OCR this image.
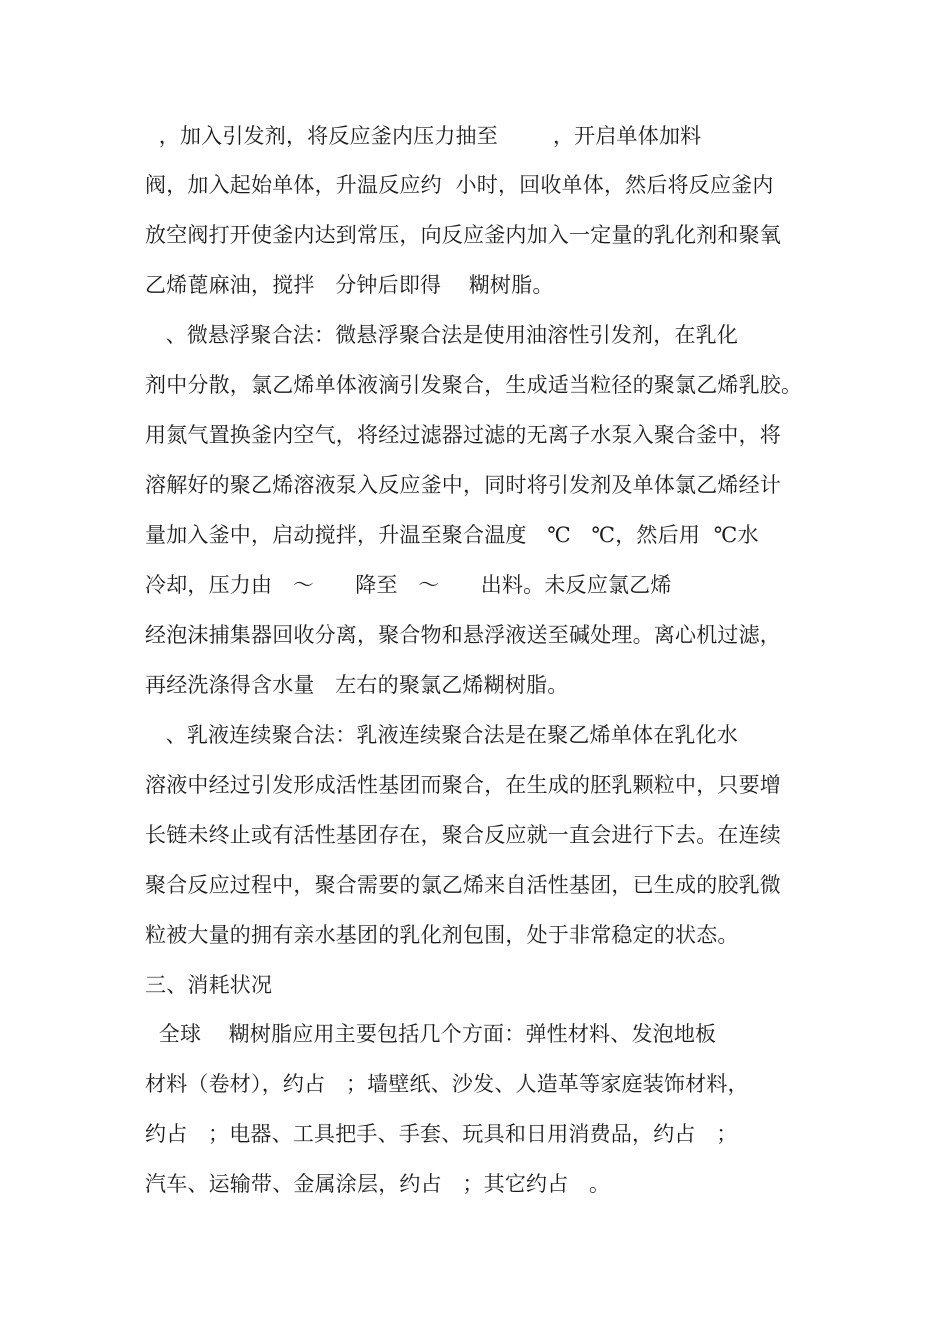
，加入引发剂，将反应釜内压力抽至        ，开启单体加料
阀，加入起始单体，升温反应约  小时，回收单体，然后将反应釜内
放空阀打开使釜内达到常压，向反应釜内加入一定量的乳化剂和聚氧
乙烯蓖麻油，搅拌   分钟后即得    糊树脂。
、微悬浮聚合法：微悬浮聚合法是使用油溶性引发剂，在乳化
剂中分散，氯乙烯单体液滴引发聚合，生成适当粒径的聚氯乙烯乳胶。
用氮气置换釜内空气，将经过滤器过滤的无离子水泵入聚合釜中，将
溶解好的聚乙烯溶液泵入反应釜中，同时将引发剂及单体氯乙烯经计
量加入釜中，启动搅拌，升温至聚合温度   ℃   ℃，然后用  ℃水
冷却，压力由   ～      降至   ～      出料。未反应氯乙烯
经泡沫捕集器回收分离，聚合物和悬浮液送至碱处理。离心机过滤，
再经洗涤得含水量   左右的聚氯乙烯糊树脂。
、乳液连续聚合法：乳液连续聚合法是在聚乙烯单体在乳化水
溶液中经过引发形成活性基团而聚合，在生成的胚乳颗粒中，只要增
长链未终止或有活性基团存在，聚合反应就一直会进行下去。在连续
聚合反应过程中，聚合需要的氯乙烯来自活性基团，已生成的胶乳微
粒被大量的拥有亲水基团的乳化剂包围，处于非常稳定的状态。
三、消耗状况
全球    糊树脂应用主要包括几个方面：弹性材料、发泡地板
材料（卷材），约占   ；墙壁纸、沙发、人造革等家庭装饰材料，
约占   ；电器、工具把手、手套、玩具和日用消费品，约占   ；
汽车、运输带、金属涂层，约占   ；其它约占   。
